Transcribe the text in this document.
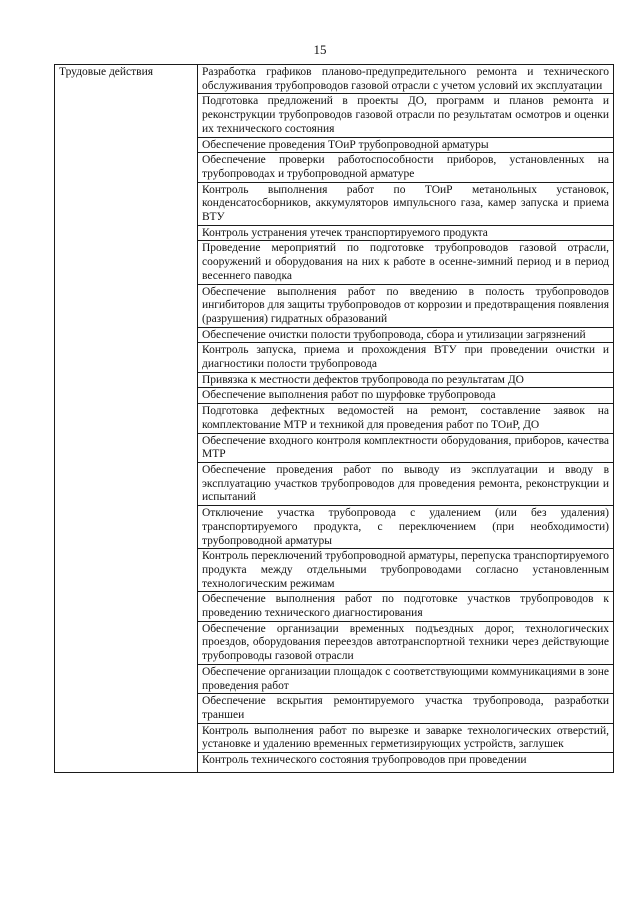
15
Трудовые действия	Разработка графиков планово-предупредительного ремонта и технического обслуживания трубопроводов газовой отрасли с учетом условий их эксплуатации

Подготовка предложений в проекты ДО, программ и планов ремонта и реконструкции трубопроводов газовой отрасли по результатам осмотров и оценки их технического состояния

Обеспечение проведения ТОиР трубопроводной арматуры

Обеспечение проверки работоспособности приборов, установленных на трубопроводах и трубопроводной арматуре

Контроль выполнения работ по ТОиР метанольных установок, конденсатосборников, аккумуляторов импульсного газа, камер запуска и приема ВТУ

Контроль устранения утечек транспортируемого продукта

Проведение мероприятий по подготовке трубопроводов газовой отрасли, сооружений и оборудования на них к работе в осенне-зимний период и в период весеннего паводка

Обеспечение выполнения работ по введению в полость трубопроводов ингибиторов для защиты трубопроводов от коррозии и предотвращения появления (разрушения) гидратных образований

Обеспечение очистки полости трубопровода, сбора и утилизации загрязнений

Контроль запуска, приема и прохождения ВТУ при проведении очистки и диагностики полости трубопровода

Привязка к местности дефектов трубопровода по результатам ДО

Обеспечение выполнения работ по шурфовке трубопровода

Подготовка дефектных ведомостей на ремонт, составление заявок на комплектование МТР и техникой для проведения работ по ТОиР, ДО

Обеспечение входного контроля комплектности оборудования, приборов, качества МТР

Обеспечение проведения работ по выводу из эксплуатации и вводу в эксплуатацию участков трубопроводов для проведения ремонта, реконструкции и испытаний

Отключение участка трубопровода с удалением (или без удаления) транспортируемого продукта, с переключением (при необходимости) трубопроводной арматуры

Контроль переключений трубопроводной арматуры, перепуска транспортируемого продукта между отдельными трубопроводами согласно установленным технологическим режимам

Обеспечение выполнения работ по подготовке участков трубопроводов к проведению технического диагностирования

Обеспечение организации временных подъездных дорог, технологических проездов, оборудования переездов автотранспортной техники через действующие трубопроводы газовой отрасли

Обеспечение организации площадок с соответствующими коммуникациями в зоне проведения работ

Обеспечение вскрытия ремонтируемого участка трубопровода, разработки траншеи

Контроль выполнения работ по вырезке и заварке технологических отверстий, установке и удалению временных герметизирующих устройств, заглушек

Контроль технического состояния трубопроводов при проведении
